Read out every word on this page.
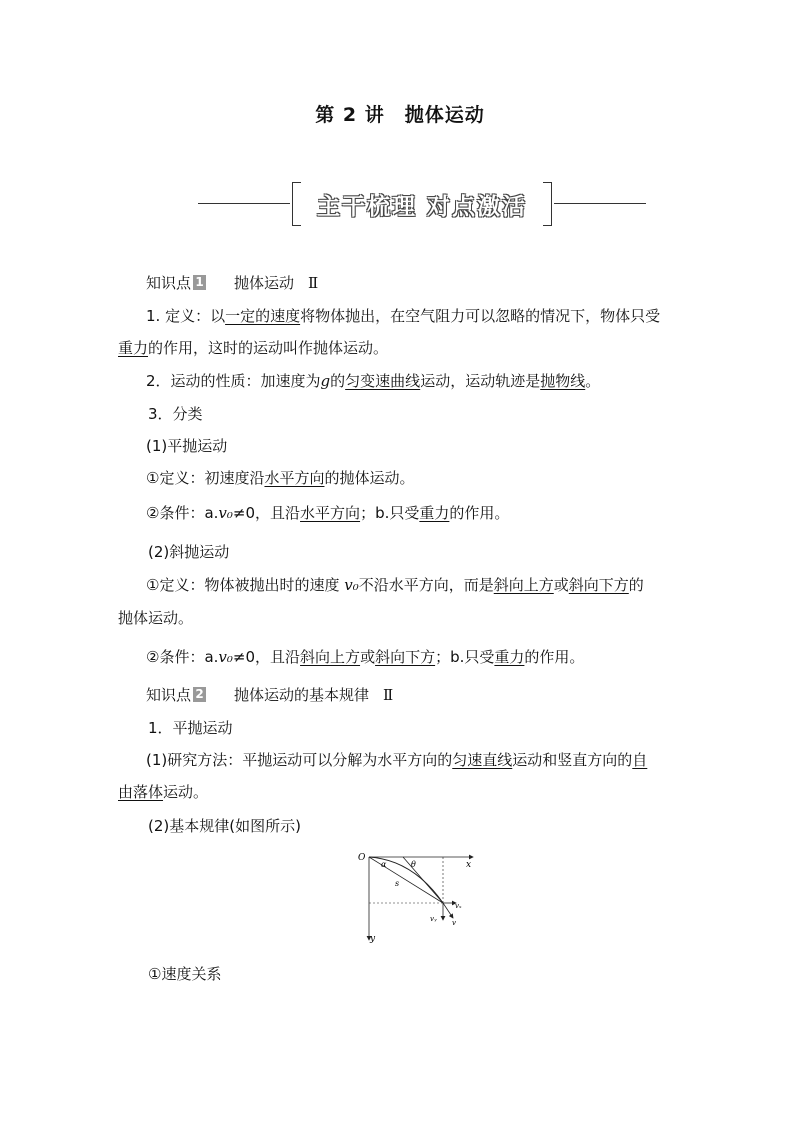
第 2 讲　抛体运动
主干梳理 对点激活
知识点 1 抛体运动 Ⅱ
1. 定义：以一定的速度将物体抛出，在空气阻力可以忽略的情况下，物体只受
重力的作用，这时的运动叫作抛体运动。
2．运动的性质：加速度为g的匀变速曲线运动，运动轨迹是抛物线。
3．分类
(1)平抛运动
①定义：初速度沿水平方向的抛体运动。
②条件：a.v₀≠0，且沿水平方向；b.只受重力的作用。
(2)斜抛运动
①定义：物体被抛出时的速度 v₀不沿水平方向，而是斜向上方或斜向下方的
抛体运动。
②条件：a.v₀≠0，且沿斜向上方或斜向下方；b.只受重力的作用。
知识点 2 抛体运动的基本规律 Ⅱ
1．平抛运动
(1)研究方法：平抛运动可以分解为水平方向的匀速直线运动和竖直方向的自
由落体运动。
(2)基本规律(如图所示)
O
x
y
α	θ
s
vₓ
vᵧ v
①速度关系
